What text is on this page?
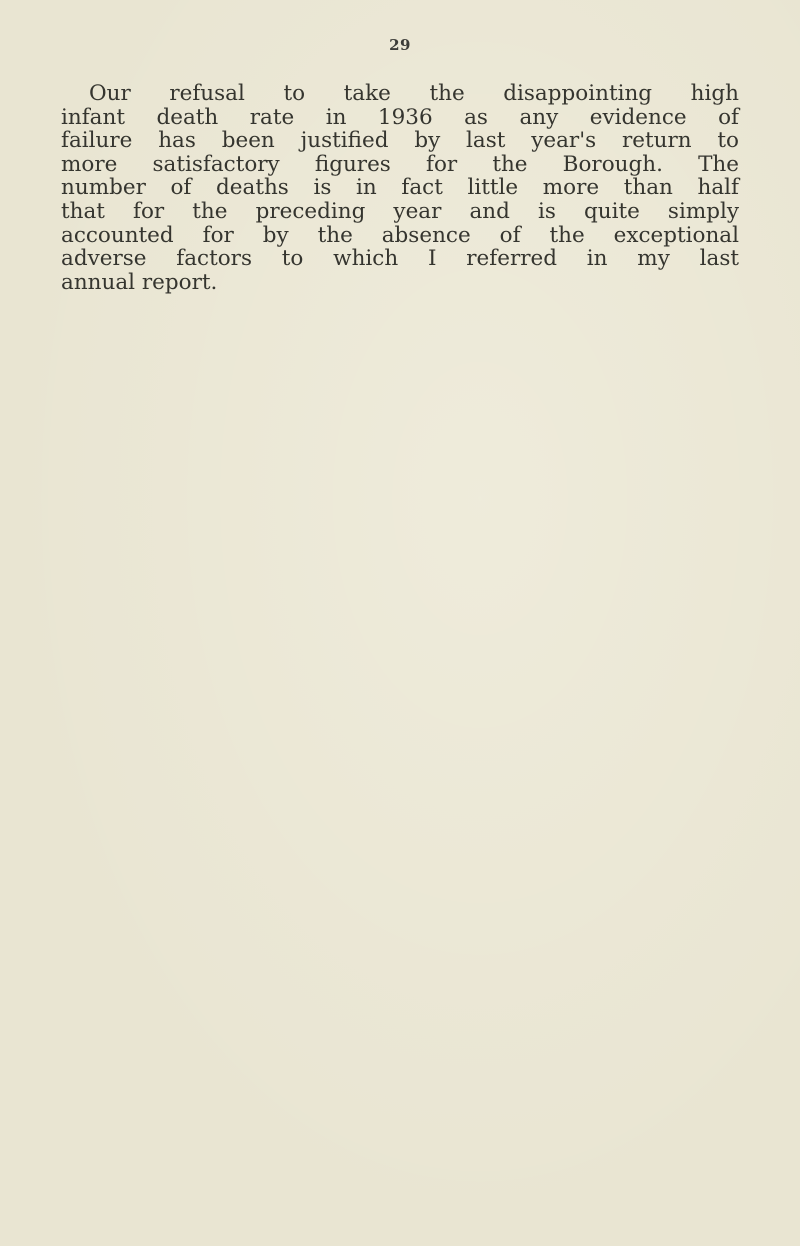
29
Our refusal to take the disappointing high
infant death rate in 1936 as any evidence of
failure has been justified by last year's return to
more satisfactory figures for the Borough. The
number of deaths is in fact little more than half
that for the preceding year and is quite simply
accounted for by the absence of the exceptional
adverse factors to which I referred in my last
annual report.
